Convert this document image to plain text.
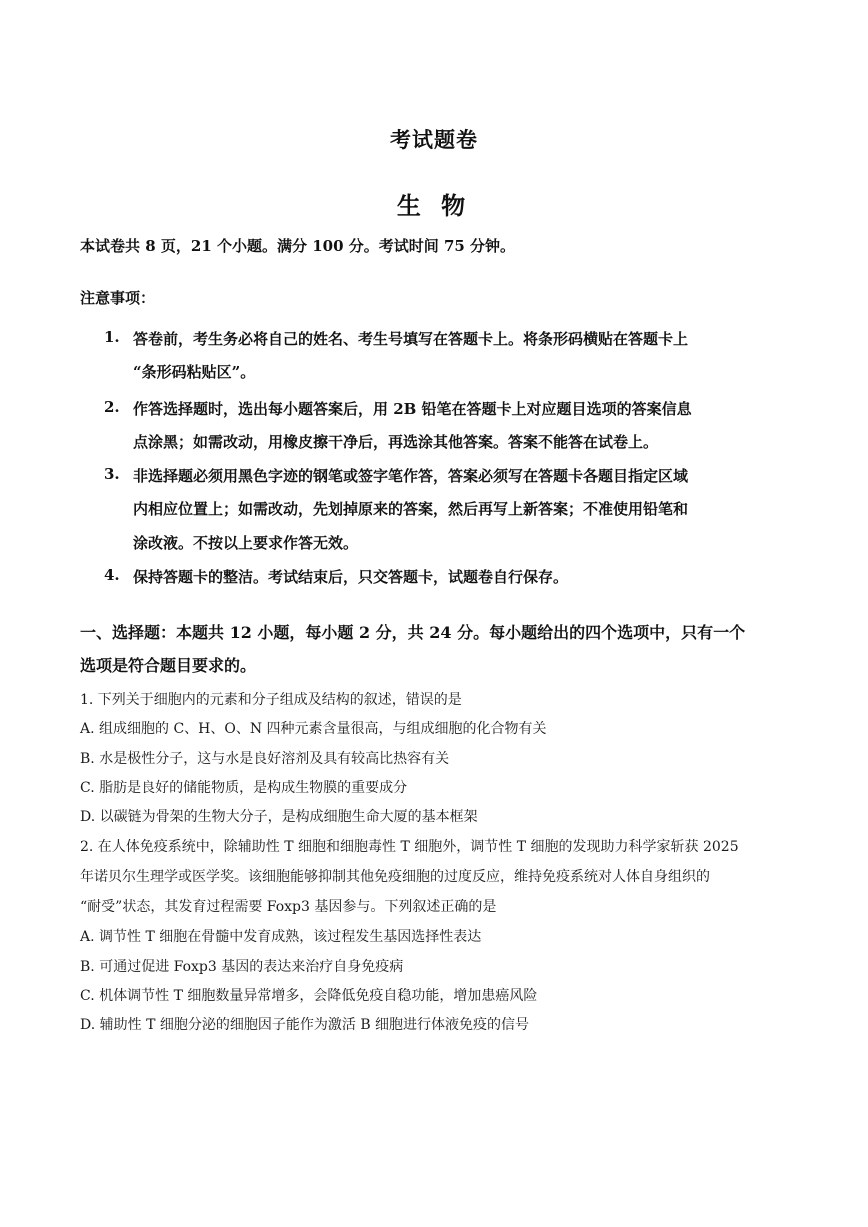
考试题卷
生 物
本试卷共 8 页，21 个小题。满分 100 分。考试时间 75 分钟。
注意事项：
1. 答卷前，考生务必将自己的姓名、考生号填写在答题卡上。将条形码横贴在答题卡上
“条形码粘贴区”。
2. 作答选择题时，选出每小题答案后，用 2B 铅笔在答题卡上对应题目选项的答案信息
点涂黑；如需改动，用橡皮擦干净后，再选涂其他答案。答案不能答在试卷上。
3. 非选择题必须用黑色字迹的钢笔或签字笔作答，答案必须写在答题卡各题目指定区域
内相应位置上；如需改动，先划掉原来的答案，然后再写上新答案；不准使用铅笔和
涂改液。不按以上要求作答无效。
4. 保持答题卡的整洁。考试结束后，只交答题卡，试题卷自行保存。
一、选择题：本题共 12 小题，每小题 2 分，共 24 分。每小题给出的四个选项中，只有一个
选项是符合题目要求的。
1. 下列关于细胞内的元素和分子组成及结构的叙述，错误的是
A. 组成细胞的 C、H、O、N 四种元素含量很高，与组成细胞的化合物有关
B. 水是极性分子，这与水是良好溶剂及具有较高比热容有关
C. 脂肪是良好的储能物质，是构成生物膜的重要成分
D. 以碳链为骨架的生物大分子，是构成细胞生命大厦的基本框架
2. 在人体免疫系统中，除辅助性 T 细胞和细胞毒性 T 细胞外，调节性 T 细胞的发现助力科学家斩获 2025
年诺贝尔生理学或医学奖。该细胞能够抑制其他免疫细胞的过度反应，维持免疫系统对人体自身组织的
“耐受”状态，其发育过程需要 Foxp3 基因参与。下列叙述正确的是
A. 调节性 T 细胞在骨髓中发育成熟，该过程发生基因选择性表达
B. 可通过促进 Foxp3 基因的表达来治疗自身免疫病
C. 机体调节性 T 细胞数量异常增多，会降低免疫自稳功能，增加患癌风险
D. 辅助性 T 细胞分泌的细胞因子能作为激活 B 细胞进行体液免疫的信号
